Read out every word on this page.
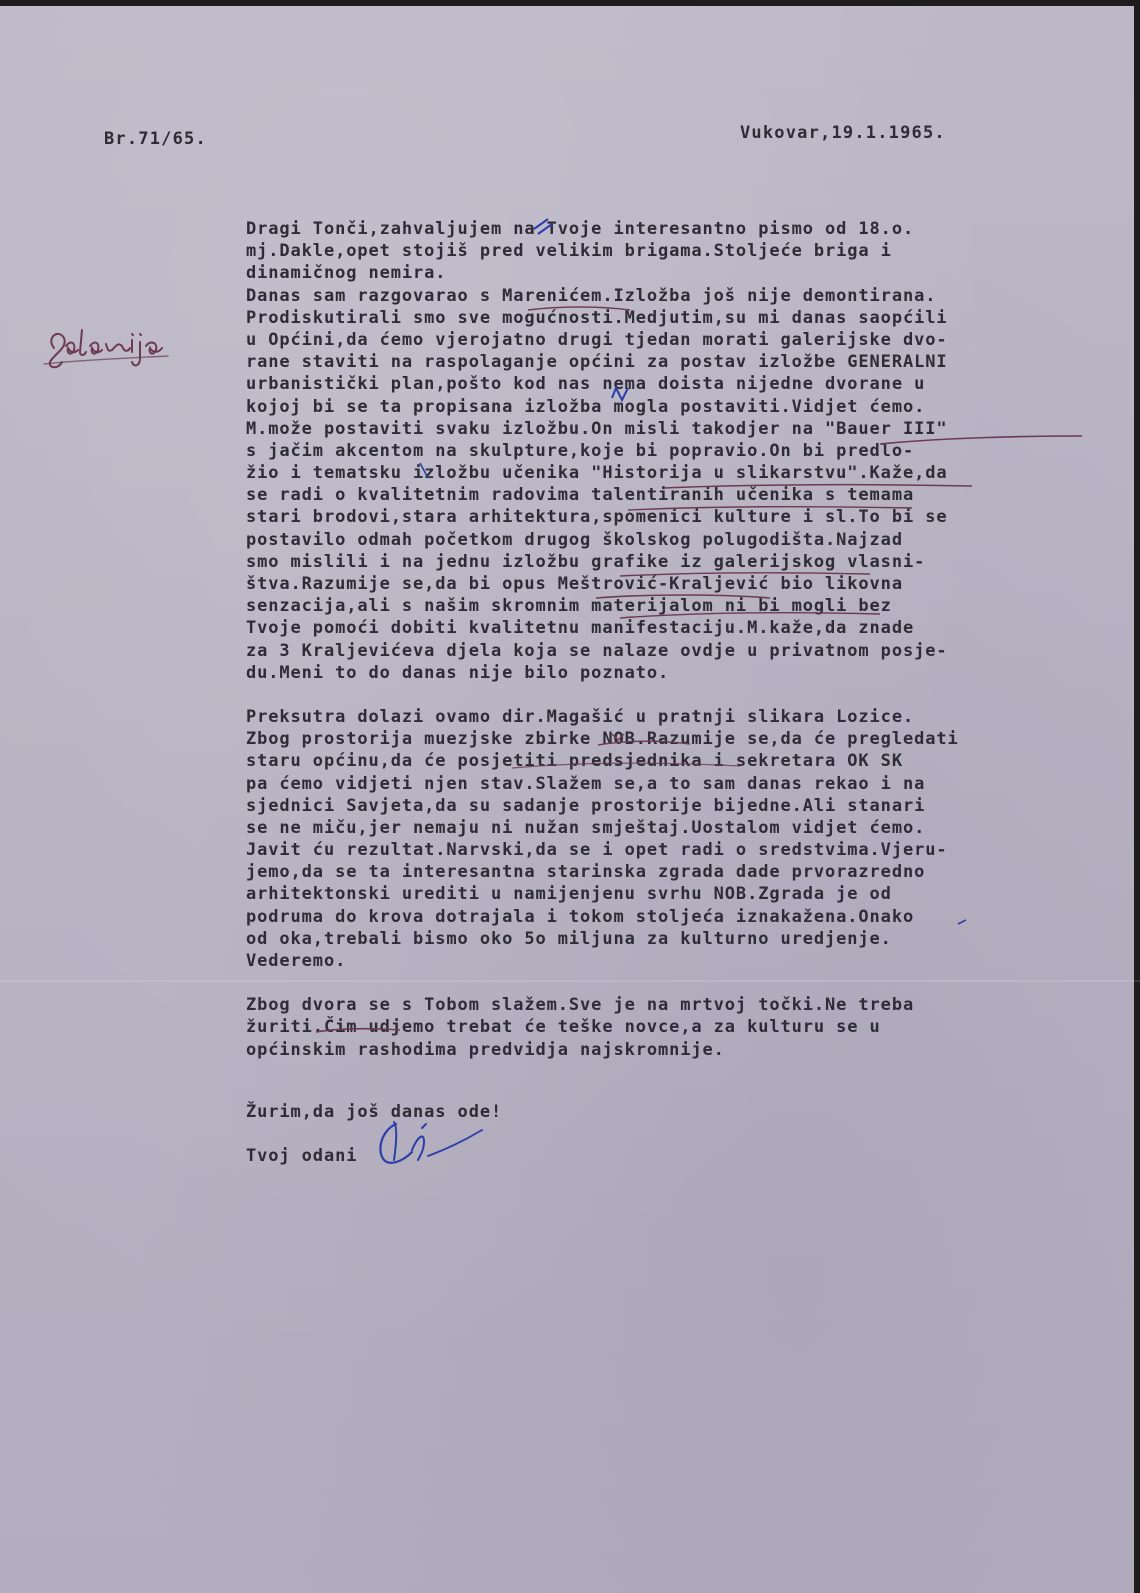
Br.71/65.	Vukovar,19.1.1965.
Dragi Tonči,zahvaljujem na Tvoje interesantno pismo od 18.o.
mj.Dakle,opet stojiš pred velikim brigama.Stoljeće briga i
dinamičnog nemira.
Danas sam razgovarao s Marenićem.Izložba još nije demontirana.
Prodiskutirali smo sve mogućnosti.Medjutim,su mi danas saopćili
u Općini,da ćemo vjerojatno drugi tjedan morati galerijske dvo-
rane staviti na raspolaganje općini za postav izložbe GENERALNI
urbanistički plan,pošto kod nas nema doista nijedne dvorane u
kojoj bi se ta propisana izložba mogla postaviti.Vidjet ćemo.
M.može postaviti svaku izložbu.On misli takodjer na "Bauer III"
s jačim akcentom na skulpture,koje bi popravio.On bi predlo-
žio i tematsku izložbu učenika "Historija u slikarstvu".Kaže,da
se radi o kvalitetnim radovima talentiranih učenika s temama
stari brodovi,stara arhitektura,spomenici kulture i sl.To bi se
postavilo odmah početkom drugog školskog polugodišta.Najzad
smo mislili i na jednu izložbu grafike iz galerijskog vlasni-
štva.Razumije se,da bi opus Meštrović-Kraljević bio likovna
senzacija,ali s našim skromnim materijalom ni bi mogli bez
Tvoje pomoći dobiti kvalitetnu manifestaciju.M.kaže,da znade
za 3 Kraljevićeva djela koja se nalaze ovdje u privatnom posje-
du.Meni to do danas nije bilo poznato.
Preksutra dolazi ovamo dir.Magašić u pratnji slikara Lozice.
Zbog prostorija muezjske zbirke NOB.Razumije se,da će pregledati
staru općinu,da će posjetiti predsjednika i sekretara OK SK
pa ćemo vidjeti njen stav.Slažem se,a to sam danas rekao i na
sjednici Savjeta,da su sadanje prostorije bijedne.Ali stanari
se ne miču,jer nemaju ni nužan smještaj.Uostalom vidjet ćemo.
Javit ću rezultat.Narvski,da se i opet radi o sredstvima.Vjeru-
jemo,da se ta interesantna starinska zgrada dade prvorazredno
arhitektonski urediti u namijenjenu svrhu NOB.Zgrada je od
podruma do krova dotrajala i tokom stoljeća iznakažena.Onako
od oka,trebali bismo oko 5o miljuna za kulturno uredjenje.
Vederemo.
Zbog dvora se s Tobom slažem.Sve je na mrtvoj točki.Ne treba
žuriti.Čim udjemo trebat će teške novce,a za kulturu se u
općinskim rashodima predvidja najskromnije.
Žurim,da još danas ode!
Tvoj odani
